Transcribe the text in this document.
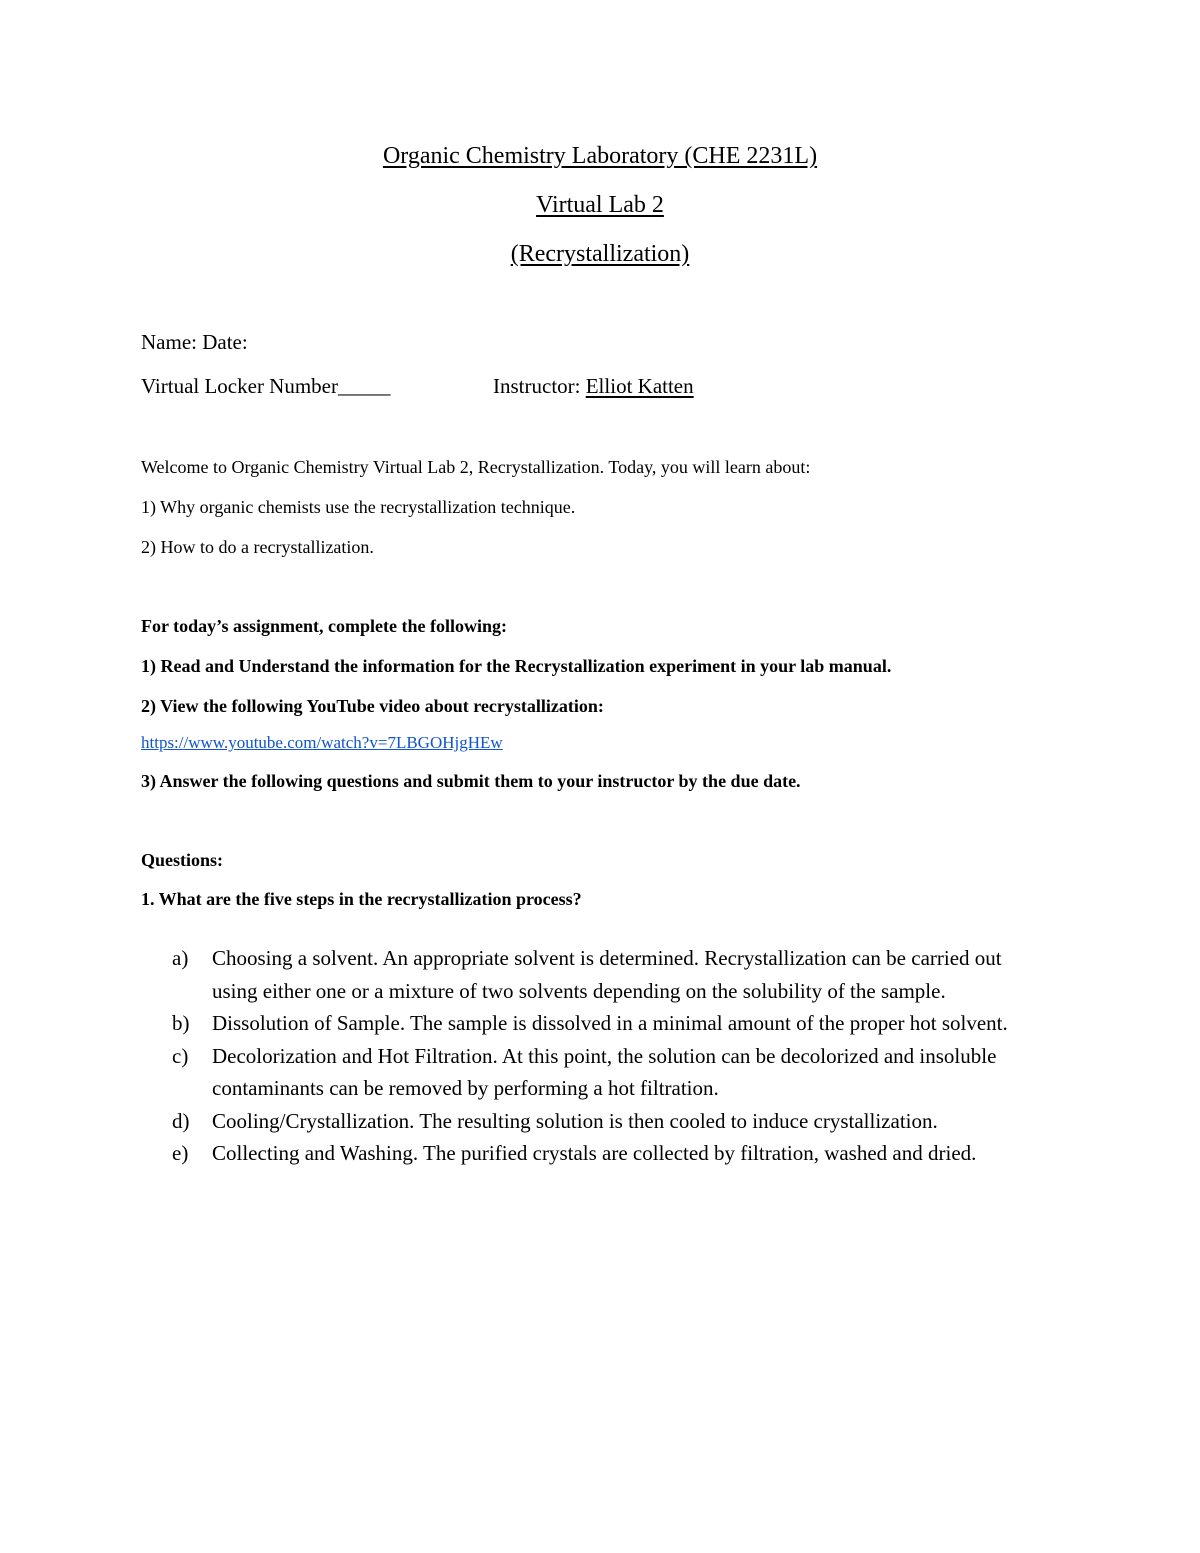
Organic Chemistry Laboratory (CHE 2231L)
Virtual Lab 2
(Recrystallization)
Name: Date:
Virtual Locker Number_____	Instructor: Elliot Katten
Welcome to Organic Chemistry Virtual Lab 2, Recrystallization. Today, you will learn about:
1) Why organic chemists use the recrystallization technique.
2) How to do a recrystallization.
For today’s assignment, complete the following:
1) Read and Understand the information for the Recrystallization experiment in your lab manual.
2) View the following YouTube video about recrystallization:
https://www.youtube.com/watch?v=7LBGOHjgHEw
3) Answer the following questions and submit them to your instructor by the due date.
Questions:
1. What are the five steps in the recrystallization process?
a)	Choosing a solvent. An appropriate solvent is determined. Recrystallization can be carried out using either one or a mixture of two solvents depending on the solubility of the sample.
b)	Dissolution of Sample. The sample is dissolved in a minimal amount of the proper hot solvent.
c)	Decolorization and Hot Filtration. At this point, the solution can be decolorized and insoluble contaminants can be removed by performing a hot filtration.
d)	Cooling/Crystallization. The resulting solution is then cooled to induce crystallization.
e)	Collecting and Washing. The purified crystals are collected by filtration, washed and dried.
